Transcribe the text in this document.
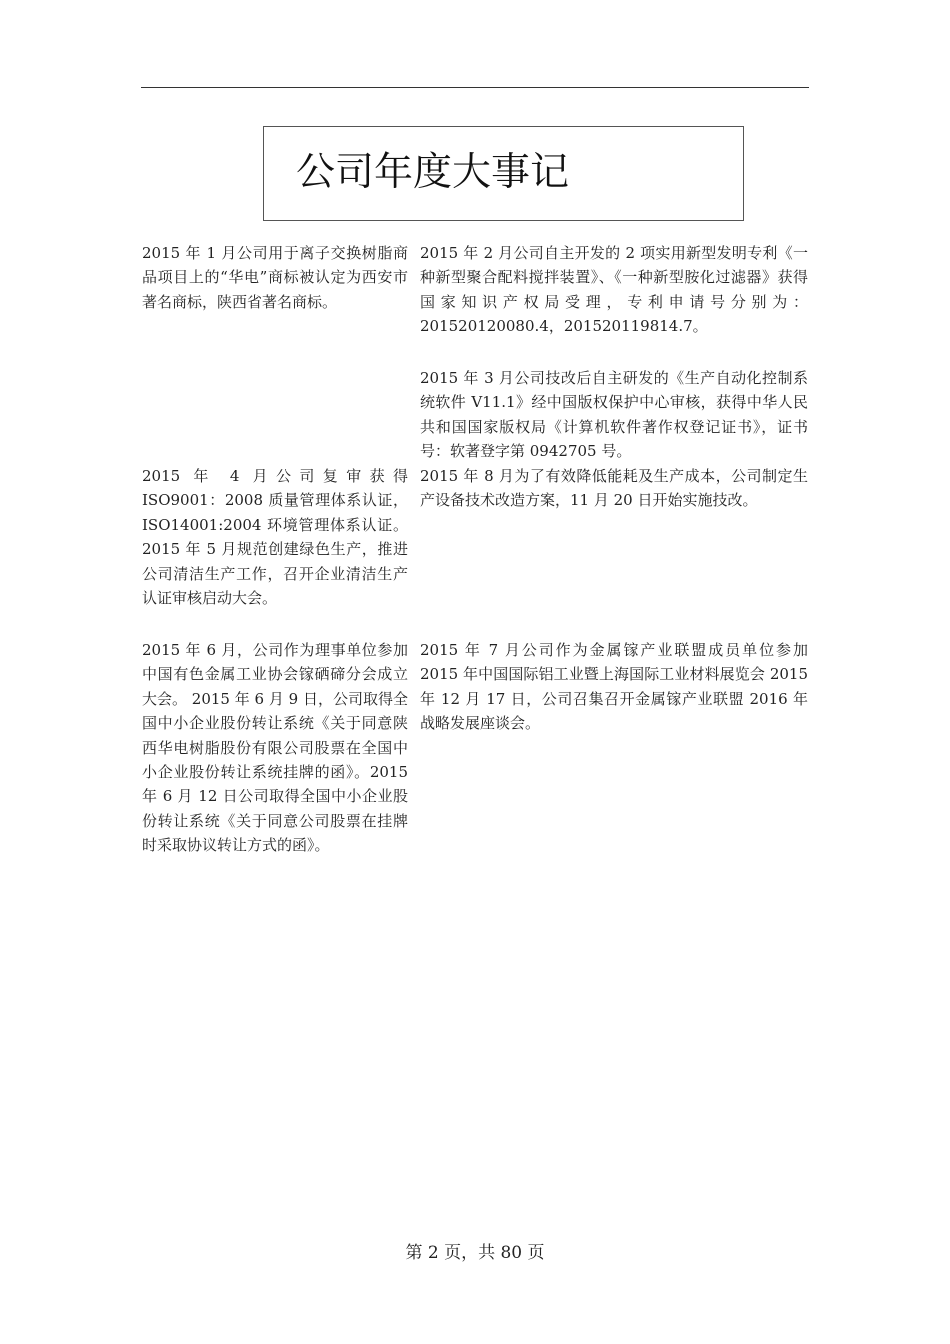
公司年度大事记

2015 年 1 月公司用于离子交换树脂商品项目上的“华电”商标被认定为西安市著名商标，陕西省著名商标。

2015 年 2 月公司自主开发的 2 项实用新型发明专利《一种新型聚合配料搅拌装置》、《一种新型胺化过滤器》获得国家知识产权局受理，专利申请号分别为：201520120080.4，201520119814.7。

2015 年 3 月公司技改后自主研发的《生产自动化控制系统软件 V11.1》经中国版权保护中心审核，获得中华人民共和国国家版权局《计算机软件著作权登记证书》，证书号：软著登字第 0942705 号。

2015 年 4 月公司复审获得 ISO9001：2008 质量管理体系认证，ISO14001:2004 环境管理体系认证。2015 年 5 月规范创建绿色生产，推进公司清洁生产工作，召开企业清洁生产认证审核启动大会。

2015 年 8 月为了有效降低能耗及生产成本，公司制定生产设备技术改造方案，11 月 20 日开始实施技改。

2015 年 6 月，公司作为理事单位参加中国有色金属工业协会镓硒碲分会成立大会。 2015 年 6 月 9 日，公司取得全国中小企业股份转让系统《关于同意陕西华电树脂股份有限公司股票在全国中小企业股份转让系统挂牌的函》。2015 年 6 月 12 日公司取得全国中小企业股份转让系统《关于同意公司股票在挂牌时采取协议转让方式的函》。

2015 年 7 月公司作为金属镓产业联盟成员单位参加 2015 年中国国际铝工业暨上海国际工业材料展览会 2015 年 12 月 17 日，公司召集召开金属镓产业联盟 2016 年战略发展座谈会。

第 2 页，共 80 页
